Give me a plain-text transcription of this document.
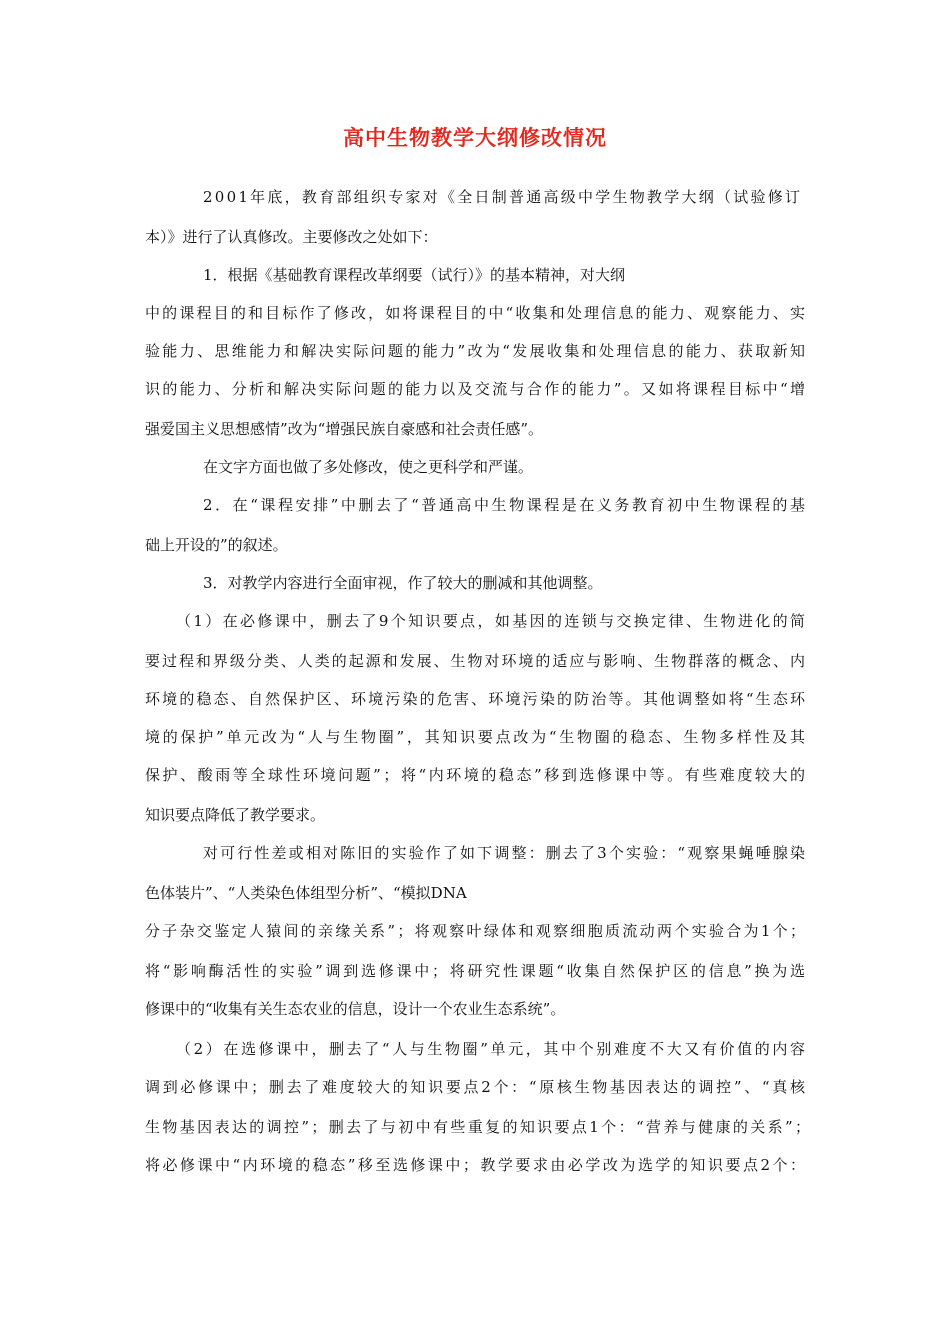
高中生物教学大纲修改情况

2001年底，教育部组织专家对《全日制普通高级中学生物教学大纲（试验修订

本）》进行了认真修改。主要修改之处如下：

1．根据《基础教育课程改革纲要（试行）》的基本精神，对大纲

中的课程目的和目标作了修改，如将课程目的中“收集和处理信息的能力、观察能力、实

验能力、思维能力和解决实际问题的能力”改为“发展收集和处理信息的能力、获取新知

识的能力、分析和解决实际问题的能力以及交流与合作的能力”。又如将课程目标中“增

强爱国主义思想感情”改为“增强民族自豪感和社会责任感”。

在文字方面也做了多处修改，使之更科学和严谨。

2．在“课程安排”中删去了“普通高中生物课程是在义务教育初中生物课程的基

础上开设的”的叙述。

3．对教学内容进行全面审视，作了较大的删减和其他调整。

（1）在必修课中，删去了9个知识要点，如基因的连锁与交换定律、生物进化的简

要过程和界级分类、人类的起源和发展、生物对环境的适应与影响、生物群落的概念、内

环境的稳态、自然保护区、环境污染的危害、环境污染的防治等。其他调整如将“生态环

境的保护”单元改为“人与生物圈”，其知识要点改为“生物圈的稳态、生物多样性及其

保护、酸雨等全球性环境问题”；将“内环境的稳态”移到选修课中等。有些难度较大的

知识要点降低了教学要求。

对可行性差或相对陈旧的实验作了如下调整：删去了3个实验：“观察果蝇唾腺染

色体装片”、“人类染色体组型分析”、“模拟DNA

分子杂交鉴定人猿间的亲缘关系”；将观察叶绿体和观察细胞质流动两个实验合为1个；

将“影响酶活性的实验”调到选修课中；将研究性课题“收集自然保护区的信息”换为选

修课中的“收集有关生态农业的信息，设计一个农业生态系统”。

（2）在选修课中，删去了“人与生物圈”单元，其中个别难度不大又有价值的内容

调到必修课中；删去了难度较大的知识要点2个：“原核生物基因表达的调控”、“真核

生物基因表达的调控”；删去了与初中有些重复的知识要点1个：“营养与健康的关系”；

将必修课中“内环境的稳态”移至选修课中；教学要求由必学改为选学的知识要点2个：
